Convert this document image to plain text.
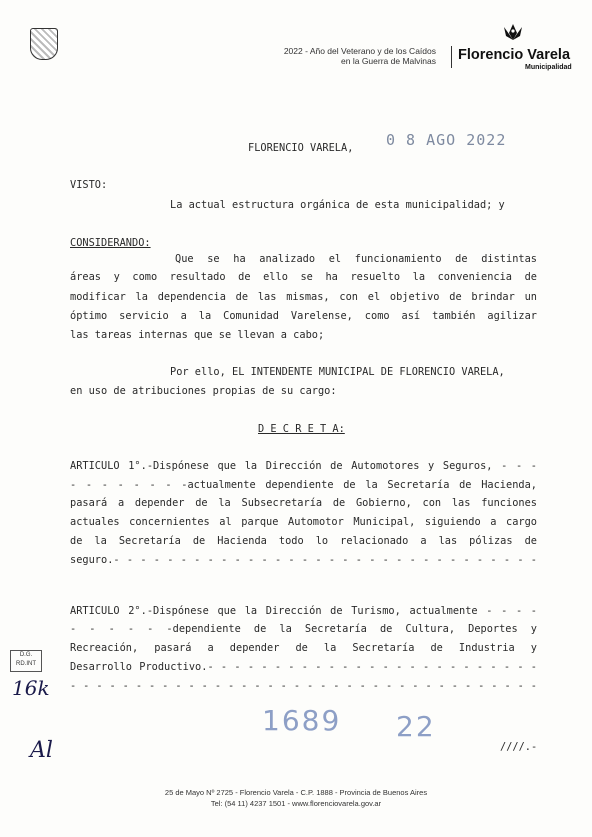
2022 - Año del Veterano y de los Caídos
en la Guerra de Malvinas Florencio Varela
Municipalidad
FLORENCIO VARELA, 0 8 AGO 2022
VISTO:
La actual estructura orgánica de esta municipalidad; y
CONSIDERANDO:
Que se ha analizado el funcionamiento de distintas
áreas y como resultado de ello se ha resuelto la conveniencia de
modificar la dependencia de las mismas, con el objetivo de brindar un
óptimo servicio a la Comunidad Varelense, como así también agilizar
las tareas internas que se llevan a cabo;
Por ello, EL INTENDENTE MUNICIPAL DE FLORENCIO VARELA,
en uso de atribuciones propias de su cargo:
D E C R E T A:
ARTICULO 1°.-Dispónese que la Dirección de Automotores y Seguros, - - -
- - - - - - - -actualmente dependiente de la Secretaría de Hacienda,
pasará a depender de la Subsecretaría de Gobierno, con las funciones
actuales concernientes al parque Automotor Municipal, siguiendo a cargo
de la Secretaría de Hacienda todo lo relacionado a las pólizas de
seguro.- - - - - - - - - - - - - - - - - - - - - - - - - - - - - - - -
ARTICULO 2°.-Dispónese que la Dirección de Turismo, actualmente - - - -
- - - - - -dependiente de la Secretaría de Cultura, Deportes y
Recreación, pasará a depender de la Secretaría de Industria y
Desarrollo Productivo.- - - - - - - - - - - - - - - - - - - - - - - - -
- - - - - - - - - - - - - - - - - - - - - - - - - - - - - - - - - - - -
1689 22
////.-
D.G.
RD.INT
16k
Al
25 de Mayo Nº 2725 - Florencio Varela - C.P. 1888 - Provincia de Buenos Aires
Tel: (54 11) 4237 1501 - www.florenciovarela.gov.ar
